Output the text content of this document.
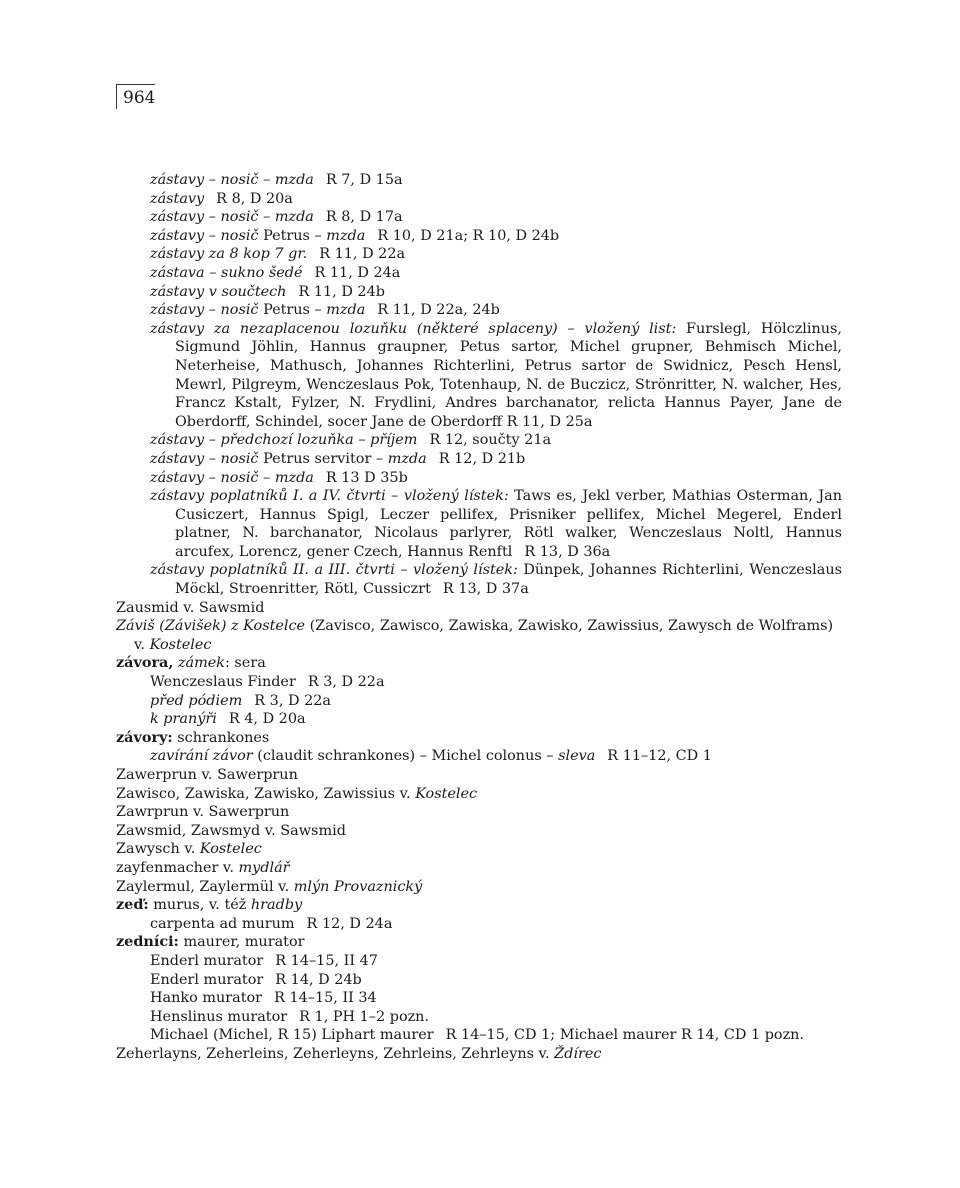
964

zástavy – nosič – mzda R 7, D 15a

zástavy R 8, D 20a

zástavy – nosič – mzda R 8, D 17a

zástavy – nosič Petrus – mzda R 10, D 21a; R 10, D 24b

zástavy za 8 kop 7 gr. R 11, D 22a

zástava – sukno šedé R 11, D 24a

zástavy v součtech R 11, D 24b

zástavy – nosič Petrus – mzda R 11, D 22a, 24b

zástavy za nezaplacenou lozuňku (některé splaceny) – vložený list: Furslegl, Hölczlinus, Sigmund Jöhlin, Hannus graupner, Petus sartor, Michel grupner, Behmisch Michel, Neterheise, Mathusch, Johannes Richterlini, Petrus sartor de Swidnicz, Pesch Hensl, Mewrl, Pilgreym, Wenczeslaus Pok, Totenhaup, N. de Buczicz, Strönritter, N. walcher, Hes, Francz Kstalt, Fylzer, N. Frydlini, Andres barchanator, relicta Hannus Payer, Jane de Oberdorff, Schindel, socer Jane de Oberdorff R 11, D 25a

zástavy – předchozí lozuňka – příjem R 12, součty 21a

zástavy – nosič Petrus servitor – mzda R 12, D 21b

zástavy – nosič – mzda R 13 D 35b

zástavy poplatníků I. a IV. čtvrti – vložený lístek: Taws es, Jekl verber, Mathias Osterman, Jan Cusiczert, Hannus Spigl, Leczer pellifex, Prisniker pellifex, Michel Megerel, Enderl platner, N. barchanator, Nicolaus parlyrer, Rötl walker, Wenczeslaus Noltl, Hannus arcufex, Lorencz, gener Czech, Hannus Renftl R 13, D 36a

zástavy poplatníků II. a III. čtvrti – vložený lístek: Dünpek, Johannes Richterlini, Wenczeslaus Möckl, Stroenritter, Rötl, Cussiczrt R 13, D 37a

Zausmid v. Sawsmid

Záviš (Závišek) z Kostelce (Zavisco, Zawisco, Zawiska, Zawisko, Zawissius, Zawysch de Wolframs) v. Kostelec

závora, zámek: sera

Wenczeslaus Finder R 3, D 22a

před pódiem R 3, D 22a

k pranýři R 4, D 20a

závory: schrankones

zavírání závor (claudit schrankones) – Michel colonus – sleva R 11–12, CD 1

Zawerprun v. Sawerprun

Zawisco, Zawiska, Zawisko, Zawissius v. Kostelec

Zawrprun v. Sawerprun

Zawsmid, Zawsmyd v. Sawsmid

Zawysch v. Kostelec

zayfenmacher v. mydlář

Zaylermul, Zaylermül v. mlýn Provaznický

zeď: murus, v. též hradby

carpenta ad murum R 12, D 24a

zedníci: maurer, murator

Enderl murator R 14–15, II 47

Enderl murator R 14, D 24b

Hanko murator R 14–15, II 34

Henslinus murator R 1, PH 1–2 pozn.

Michael (Michel, R 15) Liphart maurer R 14–15, CD 1; Michael maurer R 14, CD 1 pozn.

Zeherlayns, Zeherleins, Zeherleyns, Zehrleins, Zehrleyns v. Ždírec
